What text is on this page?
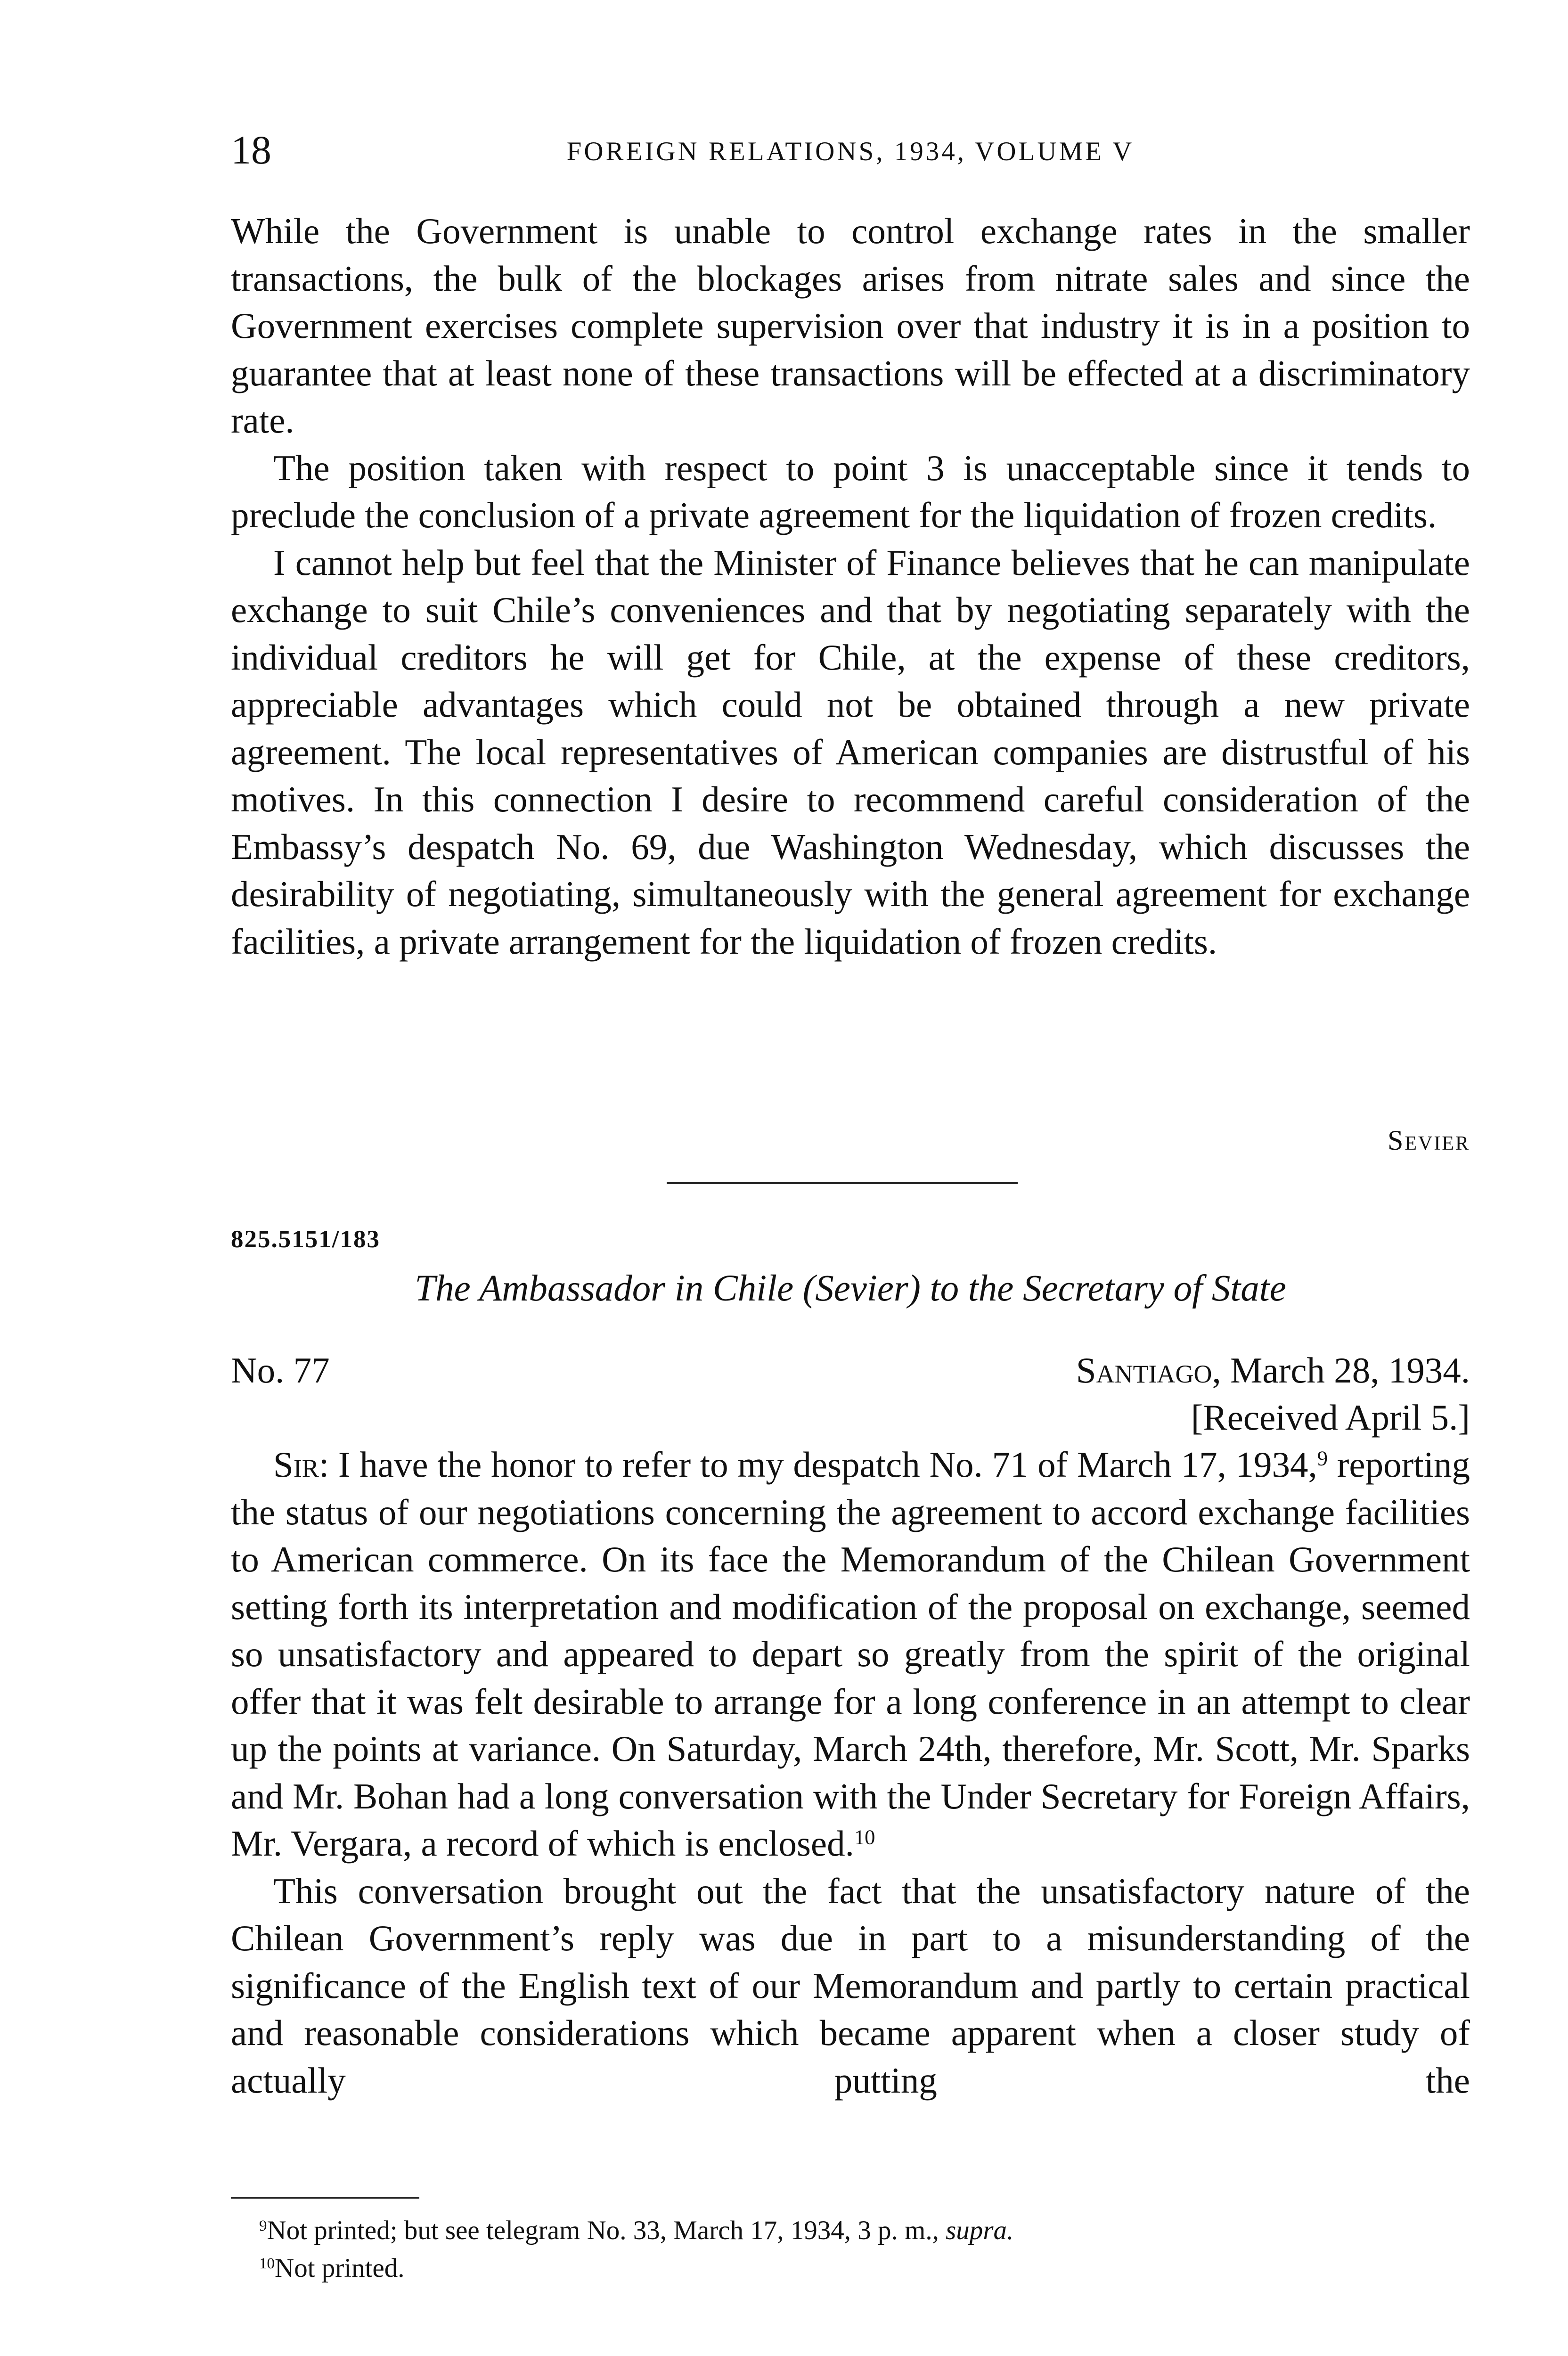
18	FOREIGN RELATIONS, 1934, VOLUME V

While the Government is unable to control exchange rates in the smaller transactions, the bulk of the blockages arises from nitrate sales and since the Government exercises complete supervision over that industry it is in a position to guarantee that at least none of these transactions will be effected at a discriminatory rate.

The position taken with respect to point 3 is unacceptable since it tends to preclude the conclusion of a private agreement for the liquidation of frozen credits.

I cannot help but feel that the Minister of Finance believes that he can manipulate exchange to suit Chile’s conveniences and that by negotiating separately with the individual creditors he will get for Chile, at the expense of these creditors, appreciable advantages which could not be obtained through a new private agreement. The local representatives of American companies are distrustful of his motives. In this connection I desire to recommend careful consideration of the Embassy’s despatch No. 69, due Washington Wednesday, which discusses the desirability of negotiating, simultaneously with the general agreement for exchange facilities, a private arrangement for the liquidation of frozen credits.

Sevier
825.5151/183
The Ambassador in Chile (Sevier) to the Secretary of State
No. 77	Santiago, March 28, 1934.
[Received April 5.]

Sir: I have the honor to refer to my despatch No. 71 of March 17, 1934,$^9$ reporting the status of our negotiations concerning the agreement to accord exchange facilities to American commerce. On its face the Memorandum of the Chilean Government setting forth its interpretation and modification of the proposal on exchange, seemed so unsatisfactory and appeared to depart so greatly from the spirit of the original offer that it was felt desirable to arrange for a long conference in an attempt to clear up the points at variance. On Saturday, March 24th, therefore, Mr. Scott, Mr. Sparks and Mr. Bohan had a long conversation with the Under Secretary for Foreign Affairs, Mr. Vergara, a record of which is enclosed.$^{10}$

This conversation brought out the fact that the unsatisfactory nature of the Chilean Government’s reply was due in part to a misunderstanding of the significance of the English text of our Memorandum and partly to certain practical and reasonable considerations which became apparent when a closer study of actually putting the

$^9$Not printed; but see telegram No. 33, March 17, 1934, 3 p. m., supra.
$^{10}$Not printed.
